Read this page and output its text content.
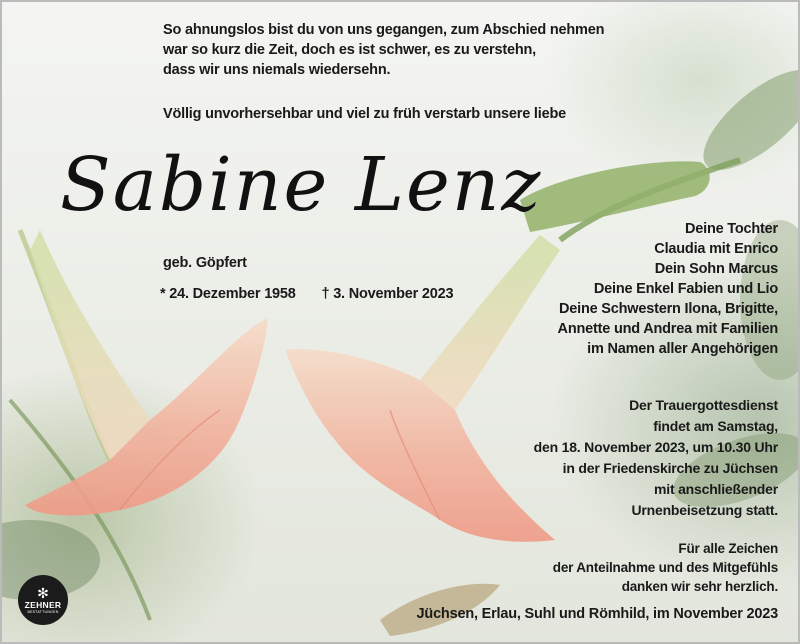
So ahnungslos bist du von uns gegangen, zum Abschied nehmen
war so kurz die Zeit, doch es ist schwer, es zu verstehn,
dass wir uns niemals wiedersehn.
Völlig unvorhersehbar und viel zu früh verstarb unsere liebe
Sabine Lenz
geb. Göpfert
* 24. Dezember 1958 † 3. November 2023
Deine Tochter
Claudia mit Enrico
Dein Sohn Marcus
Deine Enkel Fabien und Lio
Deine Schwestern Ilona, Brigitte,
Annette und Andrea mit Familien
im Namen aller Angehörigen
Der Trauergottesdienst
findet am Samstag,
den 18. November 2023, um 10.30 Uhr
in der Friedenskirche zu Jüchsen
mit anschließender
Urnenbeisetzung statt.
Für alle Zeichen
der Anteilnahme und des Mitgefühls
danken wir sehr herzlich.
Jüchsen, Erlau, Suhl und Römhild, im November 2023
✻
ZEHNER
BESTATTUNGEN
